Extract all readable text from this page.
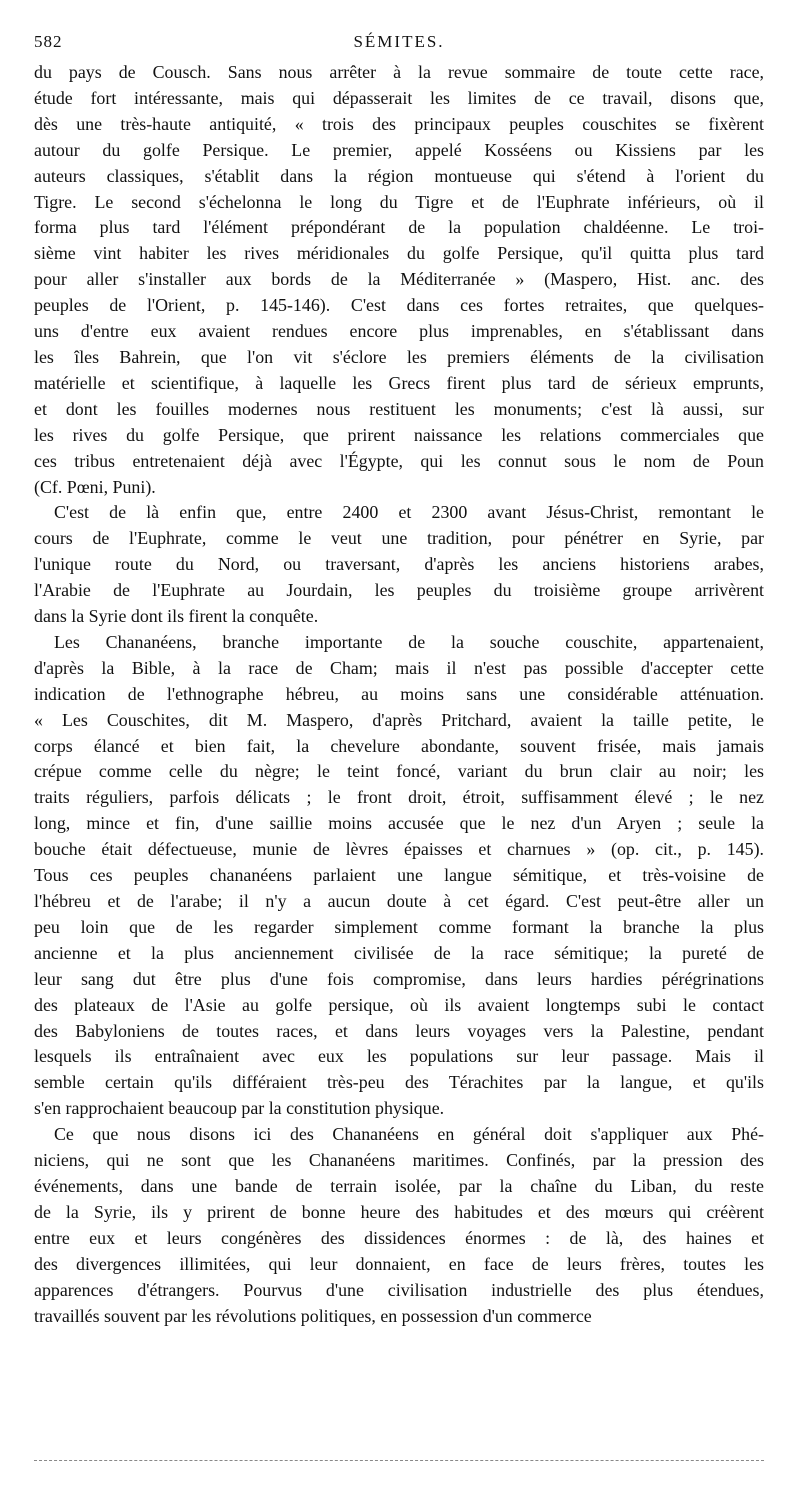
582	SÉMITES.

du pays de Cousch. Sans nous arrêter à la revue sommaire de toute cette race,
étude fort intéressante, mais qui dépasserait les limites de ce travail, disons que,
dès une très-haute antiquité, « trois des principaux peuples couschites se fixèrent
autour du golfe Persique. Le premier, appelé Kosséens ou Kissiens par les
auteurs classiques, s'établit dans la région montueuse qui s'étend à l'orient du
Tigre. Le second s'échelonna le long du Tigre et de l'Euphrate inférieurs, où il
forma plus tard l'élément prépondérant de la population chaldéenne. Le troi-
sième vint habiter les rives méridionales du golfe Persique, qu'il quitta plus tard
pour aller s'installer aux bords de la Méditerranée » (Maspero, Hist. anc. des
peuples de l'Orient, p. 145-146). C'est dans ces fortes retraites, que quelques-
uns d'entre eux avaient rendues encore plus imprenables, en s'établissant dans
les îles Bahrein, que l'on vit s'éclore les premiers éléments de la civilisation
matérielle et scientifique, à laquelle les Grecs firent plus tard de sérieux emprunts,
et dont les fouilles modernes nous restituent les monuments; c'est là aussi, sur
les rives du golfe Persique, que prirent naissance les relations commerciales que
ces tribus entretenaient déjà avec l'Égypte, qui les connut sous le nom de Poun
(Cf. Pœni, Puni).

C'est de là enfin que, entre 2400 et 2300 avant Jésus-Christ, remontant le
cours de l'Euphrate, comme le veut une tradition, pour pénétrer en Syrie, par
l'unique route du Nord, ou traversant, d'après les anciens historiens arabes,
l'Arabie de l'Euphrate au Jourdain, les peuples du troisième groupe arrivèrent
dans la Syrie dont ils firent la conquête.

Les Chananéens, branche importante de la souche couschite, appartenaient,
d'après la Bible, à la race de Cham; mais il n'est pas possible d'accepter cette
indication de l'ethnographe hébreu, au moins sans une considérable atténuation.
« Les Couschites, dit M. Maspero, d'après Pritchard, avaient la taille petite, le
corps élancé et bien fait, la chevelure abondante, souvent frisée, mais jamais
crépue comme celle du nègre; le teint foncé, variant du brun clair au noir; les
traits réguliers, parfois délicats ; le front droit, étroit, suffisamment élevé ; le nez
long, mince et fin, d'une saillie moins accusée que le nez d'un Aryen ; seule la
bouche était défectueuse, munie de lèvres épaisses et charnues » (op. cit., p. 145).
Tous ces peuples chananéens parlaient une langue sémitique, et très-voisine de
l'hébreu et de l'arabe; il n'y a aucun doute à cet égard. C'est peut-être aller un
peu loin que de les regarder simplement comme formant la branche la plus
ancienne et la plus anciennement civilisée de la race sémitique; la pureté de
leur sang dut être plus d'une fois compromise, dans leurs hardies pérégrinations
des plateaux de l'Asie au golfe persique, où ils avaient longtemps subi le contact
des Babyloniens de toutes races, et dans leurs voyages vers la Palestine, pendant
lesquels ils entraînaient avec eux les populations sur leur passage. Mais il
semble certain qu'ils différaient très-peu des Térachites par la langue, et qu'ils
s'en rapprochaient beaucoup par la constitution physique.

Ce que nous disons ici des Chananéens en général doit s'appliquer aux Phé-
niciens, qui ne sont que les Chananéens maritimes. Confinés, par la pression des
événements, dans une bande de terrain isolée, par la chaîne du Liban, du reste
de la Syrie, ils y prirent de bonne heure des habitudes et des mœurs qui créèrent
entre eux et leurs congénères des dissidences énormes : de là, des haines et
des divergences illimitées, qui leur donnaient, en face de leurs frères, toutes les
apparences d'étrangers. Pourvus d'une civilisation industrielle des plus étendues,
travaillés souvent par les révolutions politiques, en possession d'un commerce
